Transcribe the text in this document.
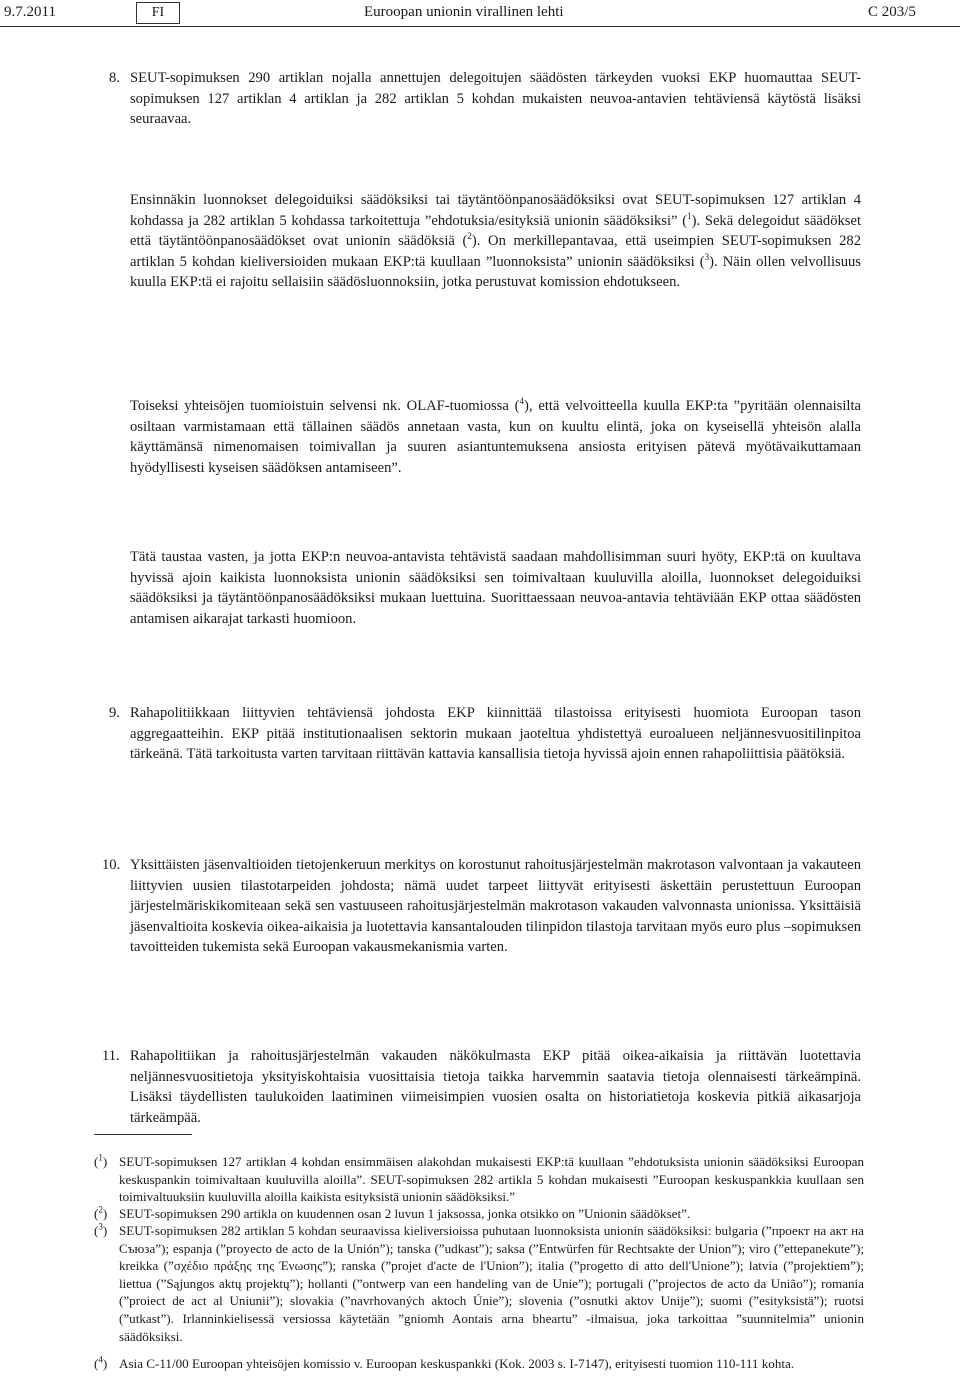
9.7.2011	FI	Euroopan unionin virallinen lehti	C 203/5
8. SEUT-sopimuksen 290 artiklan nojalla annettujen delegoitujen säädösten tärkeyden vuoksi EKP huomauttaa SEUT-sopimuksen 127 artiklan 4 artiklan ja 282 artiklan 5 kohdan mukaisten neuvoa-antavien tehtäviensä käytöstä lisäksi seuraavaa.
Ensinnäkin luonnokset delegoiduiksi säädöksiksi tai täytäntöönpanosäädöksiksi ovat SEUT-sopimuksen 127 artiklan 4 kohdassa ja 282 artiklan 5 kohdassa tarkoitettuja ”ehdotuksia/esityksiä unionin säädöksiksi” ($^1$). Sekä delegoidut säädökset että täytäntöönpanosäädökset ovat unionin säädöksiä ($^2$). On merkillepantavaa, että useimpien SEUT-sopimuksen 282 artiklan 5 kohdan kieliversioiden mukaan EKP:tä kuullaan ”luonnoksista” unionin säädöksiksi ($^3$). Näin ollen velvollisuus kuulla EKP:tä ei rajoitu sellaisiin säädösluonnoksiin, jotka perustuvat komission ehdotukseen.
Toiseksi yhteisöjen tuomioistuin selvensi nk. OLAF-tuomiossa ($^4$), että velvoitteella kuulla EKP:ta ”pyritään olennaisilta osiltaan varmistamaan että tällainen säädös annetaan vasta, kun on kuultu elintä, joka on kyseisellä yhteisön alalla käyttämänsä nimenomaisen toimivallan ja suuren asiantuntemuksena ansiosta erityisen pätevä myötävaikuttamaan hyödyllisesti kyseisen säädöksen antamiseen”.
Tätä taustaa vasten, ja jotta EKP:n neuvoa-antavista tehtävistä saadaan mahdollisimman suuri hyöty, EKP:tä on kuultava hyvissä ajoin kaikista luonnoksista unionin säädöksiksi sen toimivaltaan kuuluvilla aloilla, luonnokset delegoiduiksi säädöksiksi ja täytäntöönpanosäädöksiksi mukaan luettuina. Suorittaessaan neuvoa-antavia tehtäviään EKP ottaa säädösten antamisen aikarajat tarkasti huomioon.
9. Rahapolitiikkaan liittyvien tehtäviensä johdosta EKP kiinnittää tilastoissa erityisesti huomiota Euroopan tason aggregaatteihin. EKP pitää institutionaalisen sektorin mukaan jaoteltua yhdistettyä euroalueen neljännesvuositilinpitoa tärkeänä. Tätä tarkoitusta varten tarvitaan riittävän kattavia kansallisia tietoja hyvissä ajoin ennen rahapoliittisia päätöksiä.
10. Yksittäisten jäsenvaltioiden tietojenkeruun merkitys on korostunut rahoitusjärjestelmän makrotason valvontaan ja vakauteen liittyvien uusien tilastotarpeiden johdosta; nämä uudet tarpeet liittyvät erityisesti äskettäin perustettuun Euroopan järjestelmäriskikomiteaan sekä sen vastuuseen rahoitusjärjestelmän makrotason vakauden valvonnasta unionissa. Yksittäisiä jäsenvaltioita koskevia oikea-aikaisia ja luotettavia kansantalouden tilinpidon tilastoja tarvitaan myös euro plus –sopimuksen tavoitteiden tukemista sekä Euroopan vakausmekanismia varten.
11. Rahapolitiikan ja rahoitusjärjestelmän vakauden näkökulmasta EKP pitää oikea-aikaisia ja riittävän luotettavia neljännesvuositietoja yksityiskohtaisia vuosittaisia tietoja taikka harvemmin saatavia tietoja olennaisesti tärkeämpinä. Lisäksi täydellisten taulukoiden laatiminen viimeisimpien vuosien osalta on historiatietoja koskevia pitkiä aikasarjoja tärkeämpää.
($^1$) SEUT-sopimuksen 127 artiklan 4 kohdan ensimmäisen alakohdan mukaisesti EKP:tä kuullaan ”ehdotuksista unionin säädöksiksi Euroopan keskuspankin toimivaltaan kuuluvilla aloilla”. SEUT-sopimuksen 282 artikla 5 kohdan mukaisesti ”Euroopan keskuspankkia kuullaan sen toimivaltuuksiin kuuluvilla aloilla kaikista esityksistä unionin säädöksiksi.”
($^2$) SEUT-sopimuksen 290 artikla on kuudennen osan 2 luvun 1 jaksossa, jonka otsikko on ”Unionin säädökset”.
($^3$) SEUT-sopimuksen 282 artiklan 5 kohdan seuraavissa kieliversioissa puhutaan luonnoksista unionin säädöksiksi: bulgaria (”проект на акт на Съюза”); espanja (”proyecto de acto de la Unión”); tanska (”udkast”); saksa (”Entwürfen für Rechtsakte der Union”); viro (”ettepanekute”); kreikka (”σχέδιο πράξης της Ένωσης”); ranska (”projet d'acte de l'Union”); italia (”progetto di atto dell'Unione”); latvia (”projektiem”); liettua (”Sąjungos aktų projektų”); hollanti (”ontwerp van een handeling van de Unie”); portugali (”projectos de acto da União”); romania (”proiect de act al Uniunii”); slovakia (”navrhovaných aktoch Únie”); slovenia (”osnutki aktov Unije”); suomi (”esityksistä”); ruotsi (”utkast”). Irlanninkielisessä versiossa käytetään ”gniomh Aontais arna bheartu” -ilmaisua, joka tarkoittaa ”suunnitelmia” unionin säädöksiksi.
($^4$) Asia C-11/00 Euroopan yhteisöjen komissio v. Euroopan keskuspankki (Kok. 2003 s. I-7147), erityisesti tuomion 110-111 kohta.
